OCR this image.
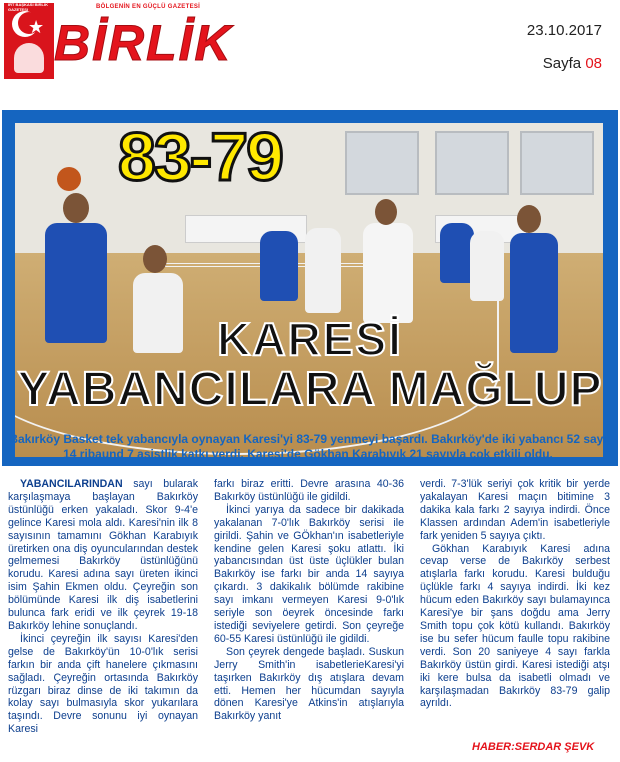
★
IRT BAŞKASI BIRLIK GAZETESI	BÖLGENİN EN GÜÇLÜ GAZETESİ
BİRLİK	23.10.2017
Sayfa 08
83-79
KARESİ
YABANCILARA MAĞLUP
Bakırköy Basket tek yabancıyla oynayan Karesi'yi 83-79 yenmeyi başardı. Bakırköy'de iki yabancı 52 sayı 14 ribaund 7 asistlik katkı verdi. Karesi'de Gökhan Karabıyık 21 sayıyla çok etkili oldu.

YABANCILARINDAN sayı bularak karşılaşmaya başlayan Bakırköy üstünlüğü erken yakaladı. Skor 9-4'e gelince Karesi mola aldı. Karesi'nin ilk 8 sayısının tamamını Gökhan Karabıyık üretirken ona diş oyuncularından destek gelmemesi Bakırköy üstünlüğünü korudu. Karesi adına sayı üreten ikinci isim Şahin Ekmen oldu. Çeyreğin son bölümünde Karesi ilk diş isabetlerini bulunca fark eridi ve ilk çeyrek 19-18 Bakırköy lehine sonuçlandı.

İkinci çeyreğin ilk sayısı Karesi'den gelse de Bakırköy'ün 10-0'lık serisi farkın bir anda çift hanelere çıkmasını sağladı. Çeyreğin ortasında Bakırköy rüzgarı biraz dinse de iki takımın da kolay sayı bulmasıyla skor yukarılara taşındı. Devre sonunu iyi oynayan Karesi

farkı biraz eritti. Devre arasına 40-36 Bakırköy üstünlüğü ile gidildi.

İkinci yarıya da sadece bir dakikada yakalanan 7-0'lık Bakırköy serisi ile girildi. Şahin ve GÖkhan'ın isabetleriyle kendine gelen Karesi şoku atlattı. İki yabancısından üst üste üçlükler bulan Bakırköy ise farkı bir anda 14 sayıya çıkardı. 3 dakikalık bölümde rakibine sayı imkanı vermeyen Karesi 9-0'lık seriyle son öeyrek öncesinde farkı istediği seviyelere getirdi. Son çeyreğe 60-55 Karesi üstünlüğü ile gidildi.

Son çeyrek dengede başladı. Suskun Jerry Smith'in isabetleriеKaresi'yi taşırken Bakırköy dış atışlara devam etti. Hemen her hücumdan sayıyla dönen Karesi'ye Atkins'in atışlarıyla Bakırköy yanıt

verdi. 7-3'lük seriyi çok kritik bir yerde yakalayan Karesi maçın bitimine 3 dakika kala farkı 2 sayıya indirdi. Önce Klassen ardından Adem'in isabetleriyle fark yeniden 5 sayıya çıktı.

Gökhan Karabıyık Karesi adına cevap verse de Bakırköy serbest atışlarla farkı korudu. Karesi bulduğu üçlükle farkı 4 sayıya indirdi. İki kez hücum eden Bakırköy sayı bulamayınca Karesi'ye bir şans doğdu ama Jerry Smith topu çok kötü kullandı. Bakırköy ise bu sefer hücum faulle topu rakibine verdi. Son 20 saniyeye 4 sayı farkla Bakırköy üstün girdi. Karesi istediği atşı iki kere bulsa da isabetli olmadı ve karşılaşmadan Bakırköy 83-79 galip ayrıldı.

HABER:SERDAR ŞEVK
